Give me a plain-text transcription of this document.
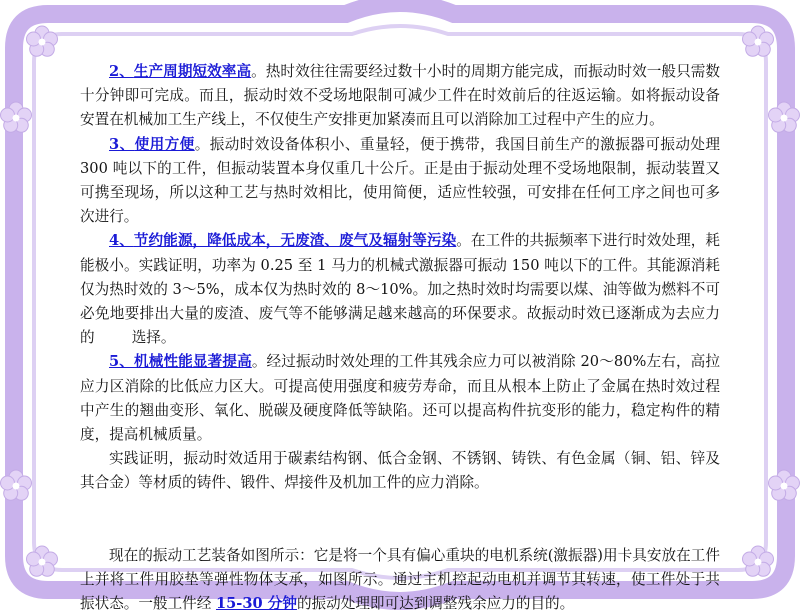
2、生产周期短效率高。热时效往往需要经过数十小时的周期方能完成，而振动时效一般只需数十分钟即可完成。而且，振动时效不受场地限制可减少工件在时效前后的往返运输。如将振动设备安置在机械加工生产线上，不仅使生产安排更加紧凑而且可以消除加工过程中产生的应力。

3、使用方便。振动时效设备体积小、重量轻，便于携带，我国目前生产的激振器可振动处理 300 吨以下的工件，但振动装置本身仅重几十公斤。正是由于振动处理不受场地限制，振动装置又可携至现场，所以这种工艺与热时效相比，使用简便，适应性较强，可安排在任何工序之间也可多次进行。

4、节约能源，降低成本，无废渣、废气及辐射等污染。在工件的共振频率下进行时效处理，耗能极小。实践证明，功率为 0.25 至 1 马力的机械式激振器可振动 150 吨以下的工件。其能源消耗仅为热时效的 3～5%，成本仅为热时效的 8～10%。加之热时效时均需要以煤、油等做为燃料不可必免地要排出大量的废渣、废气等不能够满足越来越高的环保要求。故振动时效已逐渐成为去应力的        选择。

5、机械性能显著提高。经过振动时效处理的工件其残余应力可以被消除 20～80%左右，高拉应力区消除的比低应力区大。可提高使用强度和疲劳寿命，而且从根本上防止了金属在热时效过程中产生的翘曲变形、氧化、脱碳及硬度降低等缺陷。还可以提高构件抗变形的能力，稳定构件的精度，提高机械质量。

实践证明，振动时效适用于碳素结构钢、低合金钢、不锈钢、铸铁、有色金属（铜、铝、锌及其合金）等材质的铸件、锻件、焊接件及机加工件的应力消除。

现在的振动工艺装备如图所示：它是将一个具有偏心重块的电机系统(激振器)用卡具安放在工件上并将工件用胶垫等弹性物体支承，如图所示。通过主机控起动电机并调节其转速，使工件处于共振状态。一般工件经 15-30 分钟的振动处理即可达到调整残余应力的目的。
